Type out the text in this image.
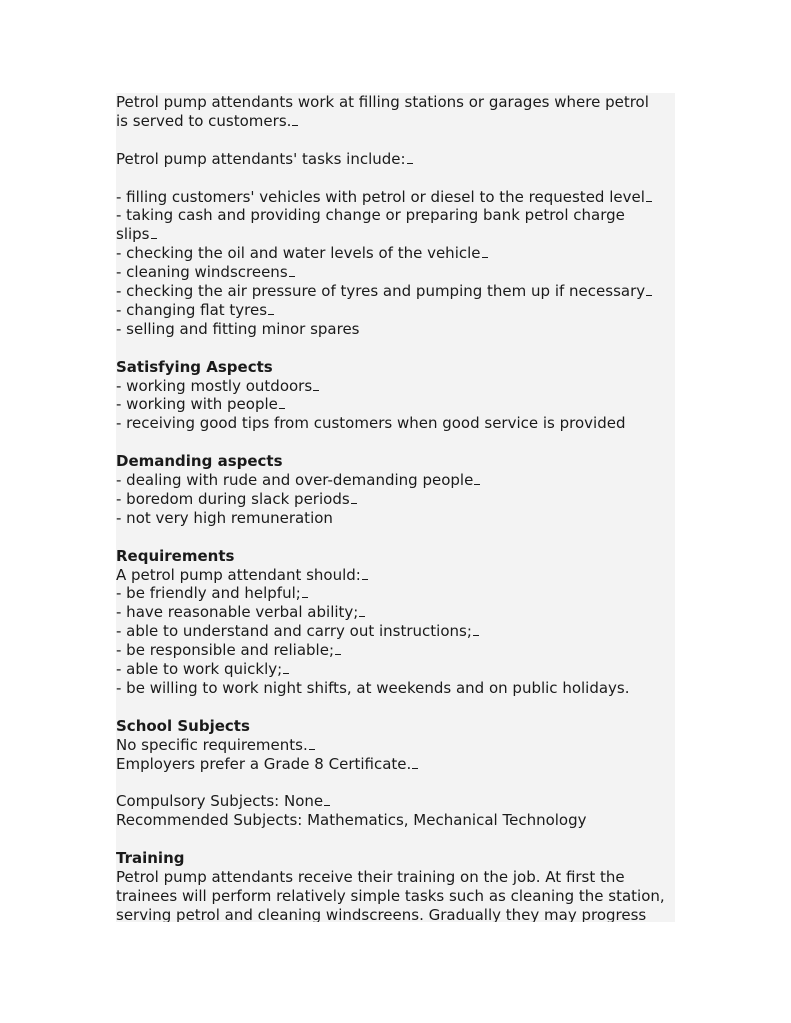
Petrol pump attendants work at filling stations or garages where petrol
is served to customers.
Petrol pump attendants' tasks include:
- filling customers' vehicles with petrol or diesel to the requested level
- taking cash and providing change or preparing bank petrol charge
slips
- checking the oil and water levels of the vehicle
- cleaning windscreens
- checking the air pressure of tyres and pumping them up if necessary
- changing flat tyres
- selling and fitting minor spares
Satisfying Aspects
- working mostly outdoors
- working with people
- receiving good tips from customers when good service is provided
Demanding aspects
- dealing with rude and over-demanding people
- boredom during slack periods
- not very high remuneration
Requirements
A petrol pump attendant should:
- be friendly and helpful;
- have reasonable verbal ability;
- able to understand and carry out instructions;
- be responsible and reliable;
- able to work quickly;
- be willing to work night shifts, at weekends and on public holidays.
School Subjects
No specific requirements.
Employers prefer a Grade 8 Certificate.
Compulsory Subjects: None
Recommended Subjects: Mathematics, Mechanical Technology
Training
Petrol pump attendants receive their training on the job. At first the
trainees will perform relatively simple tasks such as cleaning the station,
serving petrol and cleaning windscreens. Gradually they may progress
